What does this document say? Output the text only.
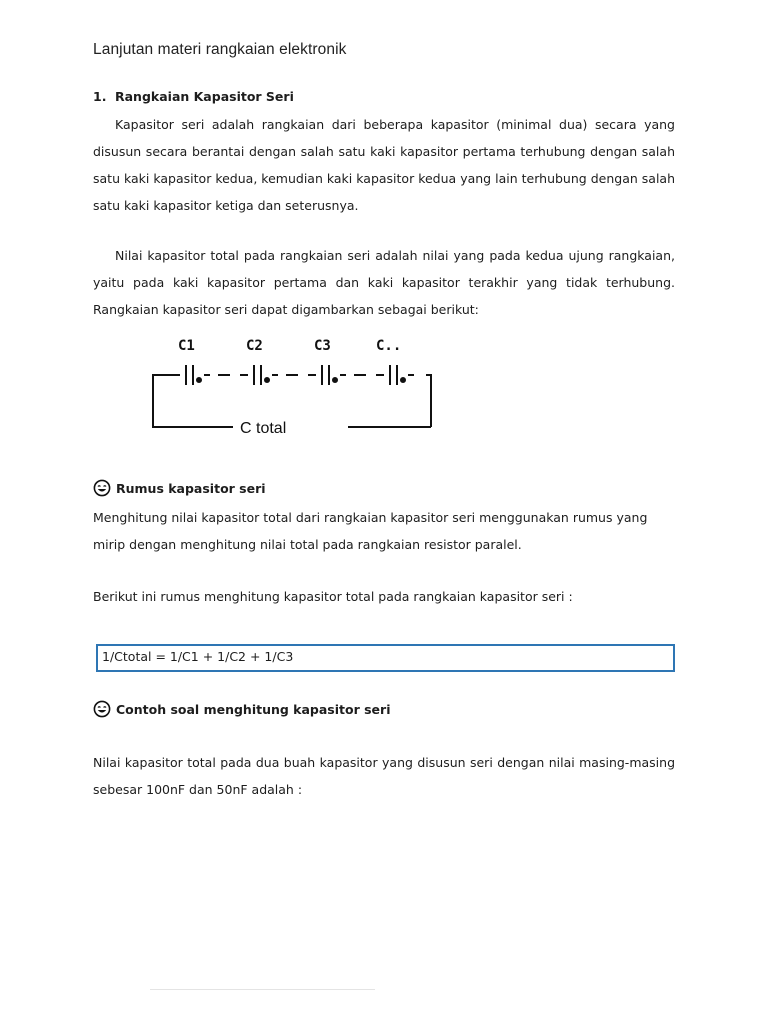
Lanjutan materi rangkaian elektronik
1. Rangkaian Kapasitor Seri
Kapasitor seri adalah rangkaian dari beberapa kapasitor (minimal dua) secara yang disusun secara berantai dengan salah satu kaki kapasitor pertama terhubung dengan salah satu kaki kapasitor kedua, kemudian kaki kapasitor kedua yang lain terhubung dengan salah satu kaki kapasitor ketiga dan seterusnya.
Nilai kapasitor total pada rangkaian seri adalah nilai yang pada kedua ujung rangkaian, yaitu pada kaki kapasitor pertama dan kaki kapasitor terakhir yang tidak terhubung. Rangkaian kapasitor seri dapat digambarkan sebagai berikut:
C1	C2	C3	C..
C total
Rumus kapasitor seri
Menghitung nilai kapasitor total dari rangkaian kapasitor seri menggunakan rumus yang mirip dengan menghitung nilai total pada rangkaian resistor paralel.
Berikut ini rumus menghitung kapasitor total pada rangkaian kapasitor seri :
1/Ctotal = 1/C1 + 1/C2 + 1/C3
Contoh soal menghitung kapasitor seri
Nilai kapasitor total pada dua buah kapasitor yang disusun seri dengan nilai masing-masing sebesar 100nF dan 50nF adalah :
